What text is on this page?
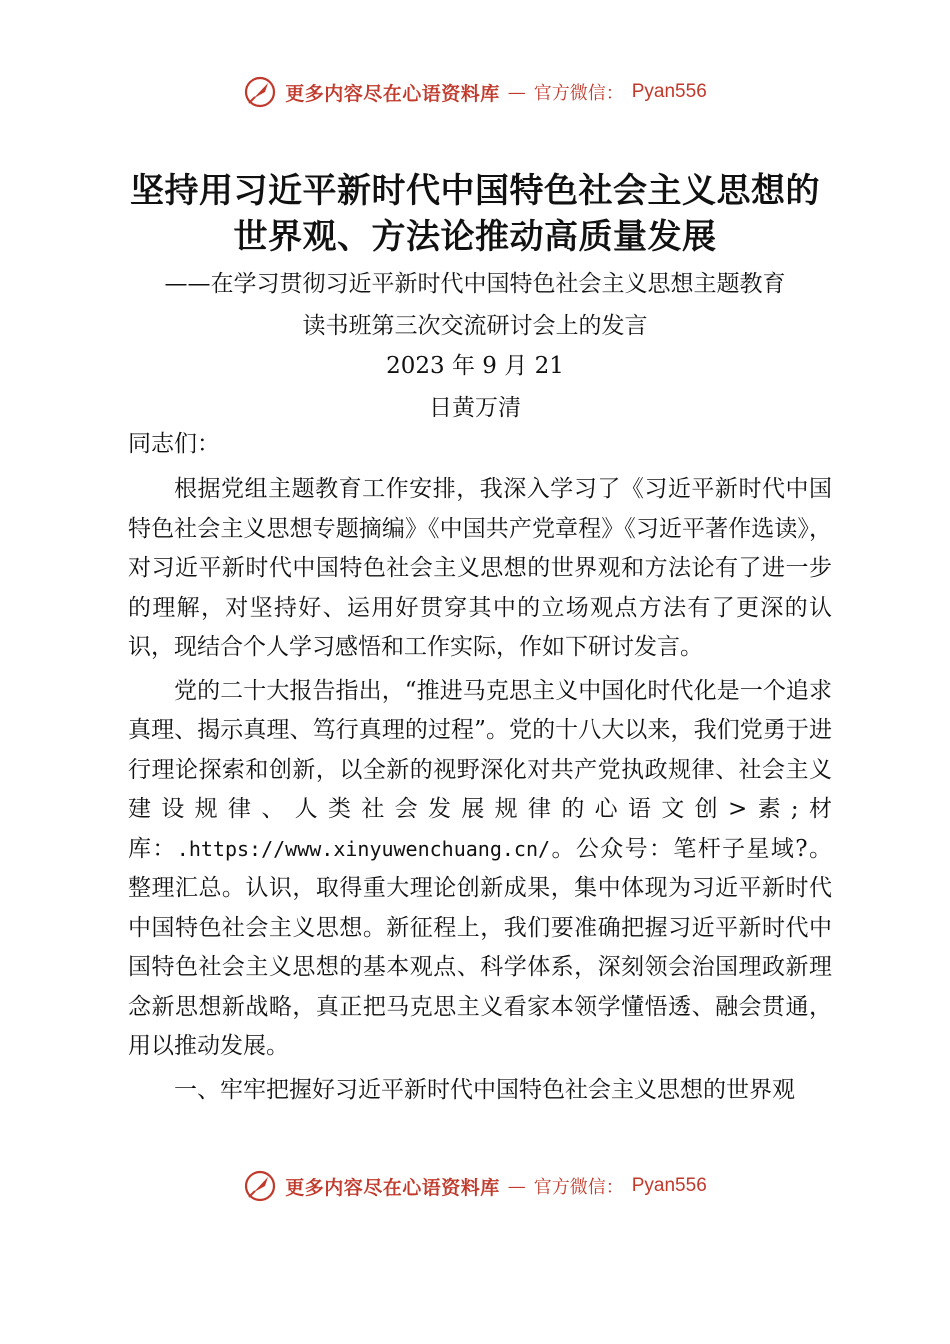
更多内容尽在心语资料库 — 官方微信： Pyan556
坚持用习近平新时代中国特色社会主义思想的
世界观、方法论推动高质量发展
——在学习贯彻习近平新时代中国特色社会主义思想主题教育
读书班第三次交流研讨会上的发言
2023 年 9 月 21
日黄万清
同志们：

根据党组主题教育工作安排，我深入学习了《习近平新时代中国特色社会主义思想专题摘编》《中国共产党章程》《习近平著作选读》，对习近平新时代中国特色社会主义思想的世界观和方法论有了进一步的理解，对坚持好、运用好贯穿其中的立场观点方法有了更深的认识，现结合个人学习感悟和工作实际，作如下研讨发言。

党的二十大报告指出，“推进马克思主义中国化时代化是一个追求真理、揭示真理、笃行真理的过程”。党的十八大以来，我们党勇于进行理论探索和创新，以全新的视野深化对共产党执政规律、社会主义建设规律、人类社会发展规律的心语文创>素;材库：.https://www.xinyuwenchuang.cn/。公众号：笔杆子星域?。整理汇总。认识，取得重大理论创新成果，集中体现为习近平新时代中国特色社会主义思想。新征程上，我们要准确把握习近平新时代中国特色社会主义思想的基本观点、科学体系，深刻领会治国理政新理念新思想新战略，真正把马克思主义看家本领学懂悟透、融会贯通，用以推动发展。

一、牢牢把握好习近平新时代中国特色社会主义思想的世界观

更多内容尽在心语资料库 — 官方微信： Pyan556
